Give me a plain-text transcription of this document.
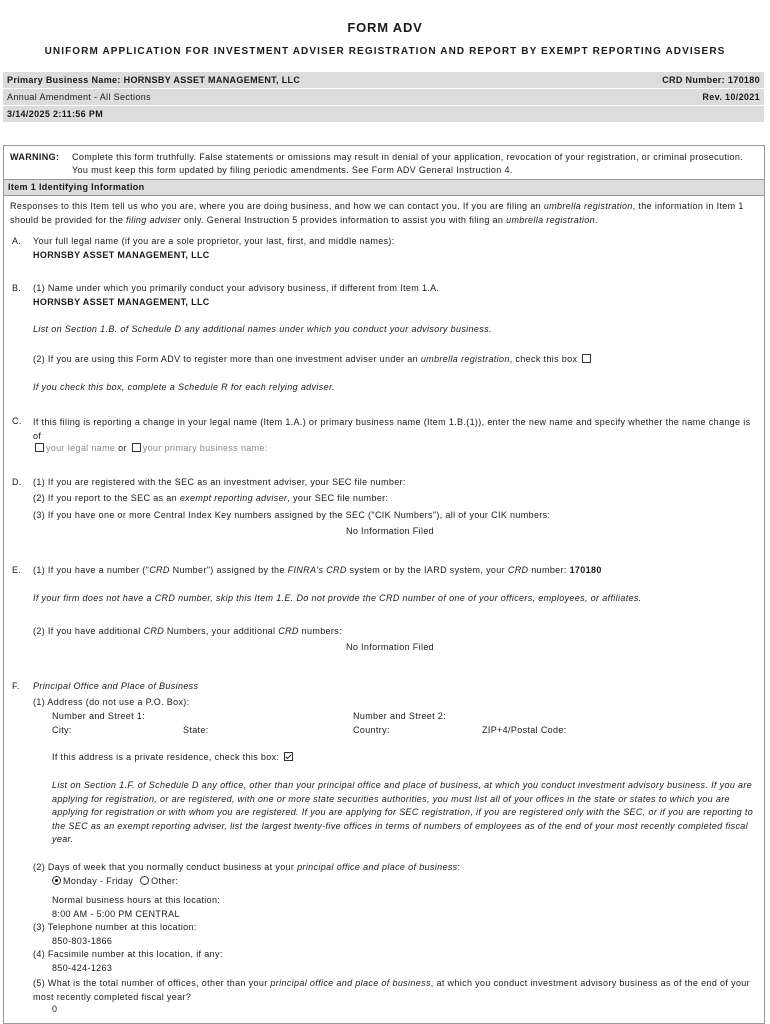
FORM ADV
UNIFORM APPLICATION FOR INVESTMENT ADVISER REGISTRATION AND REPORT BY EXEMPT REPORTING ADVISERS
Primary Business Name: HORNSBY ASSET MANAGEMENT, LLC	CRD Number: 170180
Annual Amendment - All Sections	Rev. 10/2021
3/14/2025 2:11:56 PM
WARNING: Complete this form truthfully. False statements or omissions may result in denial of your application, revocation of your registration, or criminal prosecution. You must keep this form updated by filing periodic amendments. See Form ADV General Instruction 4.
Item 1 Identifying Information
Responses to this Item tell us who you are, where you are doing business, and how we can contact you. If you are filing an umbrella registration, the information in Item 1 should be provided for the filing adviser only. General Instruction 5 provides information to assist you with filing an umbrella registration.
A. Your full legal name (if you are a sole proprietor, your last, first, and middle names):
HORNSBY ASSET MANAGEMENT, LLC
B. (1) Name under which you primarily conduct your advisory business, if different from Item 1.A.
HORNSBY ASSET MANAGEMENT, LLC
List on Section 1.B. of Schedule D any additional names under which you conduct your advisory business.
(2) If you are using this Form ADV to register more than one investment adviser under an umbrella registration, check this box
If you check this box, complete a Schedule R for each relying adviser.
C. If this filing is reporting a change in your legal name (Item 1.A.) or primary business name (Item 1.B.(1)), enter the new name and specify whether the name change is of
your legal name or your primary business name:
D. (1) If you are registered with the SEC as an investment adviser, your SEC file number:
(2) If you report to the SEC as an exempt reporting adviser, your SEC file number:
(3) If you have one or more Central Index Key numbers assigned by the SEC ("CIK Numbers"), all of your CIK numbers:
No Information Filed
E. (1) If you have a number ("CRD Number") assigned by the FINRA's CRD system or by the IARD system, your CRD number: 170180
If your firm does not have a CRD number, skip this Item 1.E. Do not provide the CRD number of one of your officers, employees, or affiliates.
(2) If you have additional CRD Numbers, your additional CRD numbers:
No Information Filed
F. Principal Office and Place of Business
(1) Address (do not use a P.O. Box):
Number and Street 1:	Number and Street 2:
City:	State:	Country:	ZIP+4/Postal Code:
If this address is a private residence, check this box:
List on Section 1.F. of Schedule D any office, other than your principal office and place of business, at which you conduct investment advisory business. If you are applying for registration, or are registered, with one or more state securities authorities, you must list all of your offices in the state or states to which you are applying for registration or with whom you are registered. If you are applying for SEC registration, if you are registered only with the SEC, or if you are reporting to the SEC as an exempt reporting adviser, list the largest twenty-five offices in terms of numbers of employees as of the end of your most recently completed fiscal year.
(2) Days of week that you normally conduct business at your principal office and place of business:
Monday - Friday Other:
Normal business hours at this location:
8:00 AM - 5:00 PM CENTRAL
(3) Telephone number at this location:
850-803-1866
(4) Facsimile number at this location, if any:
850-424-1263
(5) What is the total number of offices, other than your principal office and place of business, at which you conduct investment advisory business as of the end of your most recently completed fiscal year?
0
